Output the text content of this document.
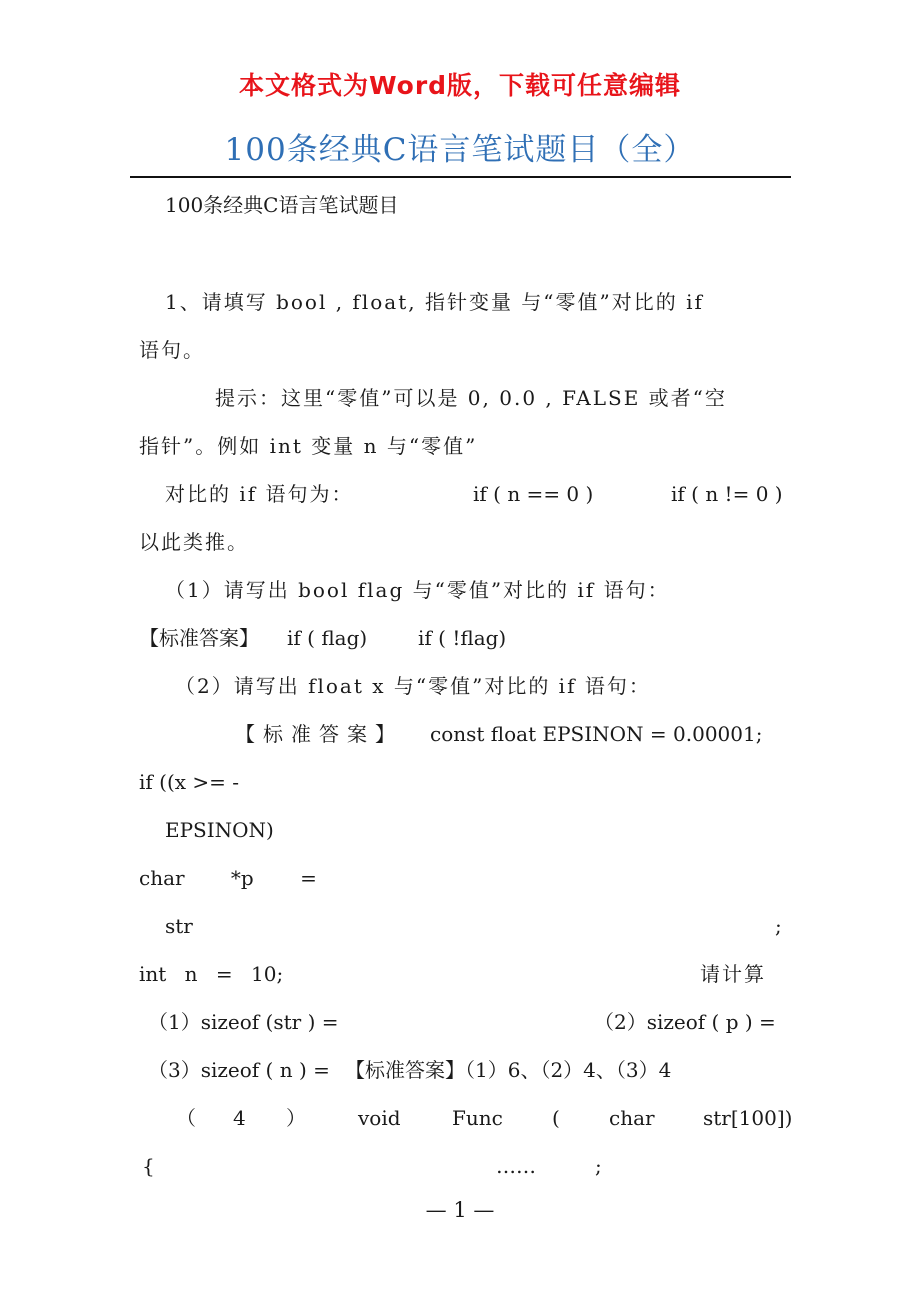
本文格式为Word版，下载可任意编辑
100条经典C语言笔试题目（全）
100条经典C语言笔试题目
1、请填写 bool , float, 指针变量 与“零值”对比的 if
语句。
提示：这里“零值”可以是 0, 0.0 , FALSE 或者“空
指针”。例如 int 变量 n 与“零值”
对比的 if 语句为：	if ( n == 0 )	if ( n != 0 )
以此类推。
（1）请写出 bool flag 与“零值”对比的 if 语句：
【标准答案】 if ( flag)	if ( !flag)
（2）请写出 float x 与“零值”对比的 if 语句：
【标准答案】 const float EPSINON = 0.00001;
if ((x >= -
EPSINON)
char *p =
str	;
int n = 10;	请计算
（1）sizeof (str ) =	（2）sizeof ( p ) =
（3）sizeof ( n ) = 【标准答案】（1）6、（2）4、（3）4
（ 4 ）	void	Func ( char str[100])
{	……	;
— 1 —
